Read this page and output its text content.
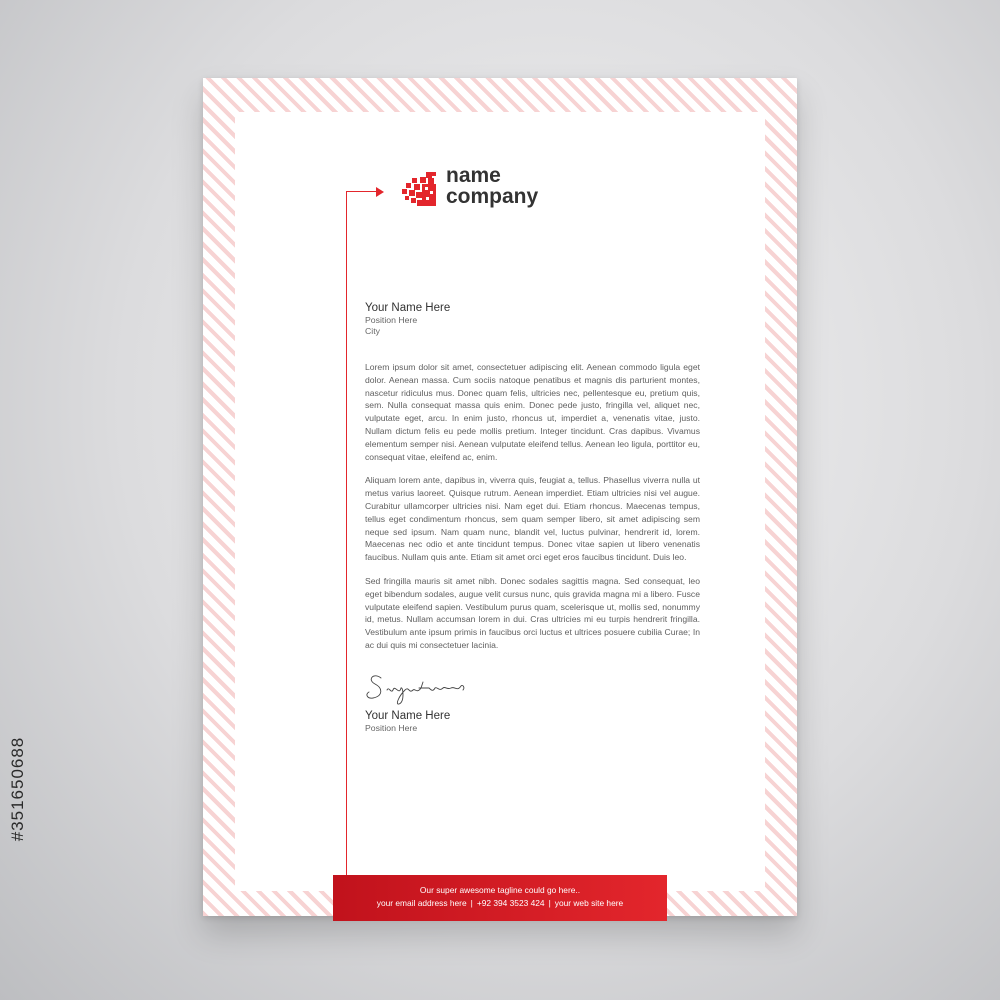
#351650688
name
company
Your Name Here
Position Here
City

Lorem ipsum dolor sit amet, consectetuer adipiscing elit. Aenean commodo ligula eget dolor. Aenean massa. Cum sociis natoque penatibus et magnis dis parturient montes, nascetur ridiculus mus. Donec quam felis, ultricies nec, pellentesque eu, pretium quis, sem. Nulla consequat massa quis enim. Donec pede justo, fringilla vel, aliquet nec, vulputate eget, arcu. In enim justo, rhoncus ut, imperdiet a, venenatis vitae, justo. Nullam dictum felis eu pede mollis pretium. Integer tincidunt. Cras dapibus. Vivamus elementum semper nisi. Aenean vulputate eleifend tellus. Aenean leo ligula, porttitor eu, consequat vitae, eleifend ac, enim.

Aliquam lorem ante, dapibus in, viverra quis, feugiat a, tellus. Phasellus viverra nulla ut metus varius laoreet. Quisque rutrum. Aenean imperdiet. Etiam ultricies nisi vel augue. Curabitur ullamcorper ultricies nisi. Nam eget dui. Etiam rhoncus. Maecenas tempus, tellus eget condimentum rhoncus, sem quam semper libero, sit amet adipiscing sem neque sed ipsum. Nam quam nunc, blandit vel, luctus pulvinar, hendrerit id, lorem. Maecenas nec odio et ante tincidunt tempus. Donec vitae sapien ut libero venenatis faucibus. Nullam quis ante. Etiam sit amet orci eget eros faucibus tincidunt. Duis leo.

Sed fringilla mauris sit amet nibh. Donec sodales sagittis magna. Sed consequat, leo eget bibendum sodales, augue velit cursus nunc, quis gravida magna mi a libero. Fusce vulputate eleifend sapien. Vestibulum purus quam, scelerisque ut, mollis sed, nonummy id, metus. Nullam accumsan lorem in dui. Cras ultricies mi eu turpis hendrerit fringilla. Vestibulum ante ipsum primis in faucibus orci luctus et ultrices posuere cubilia Curae; In ac dui quis mi consectetuer lacinia.

Your Name Here
Position Here
Our super awesome tagline could go here..
your email address here | +92 394 3523 424 | your web site here
